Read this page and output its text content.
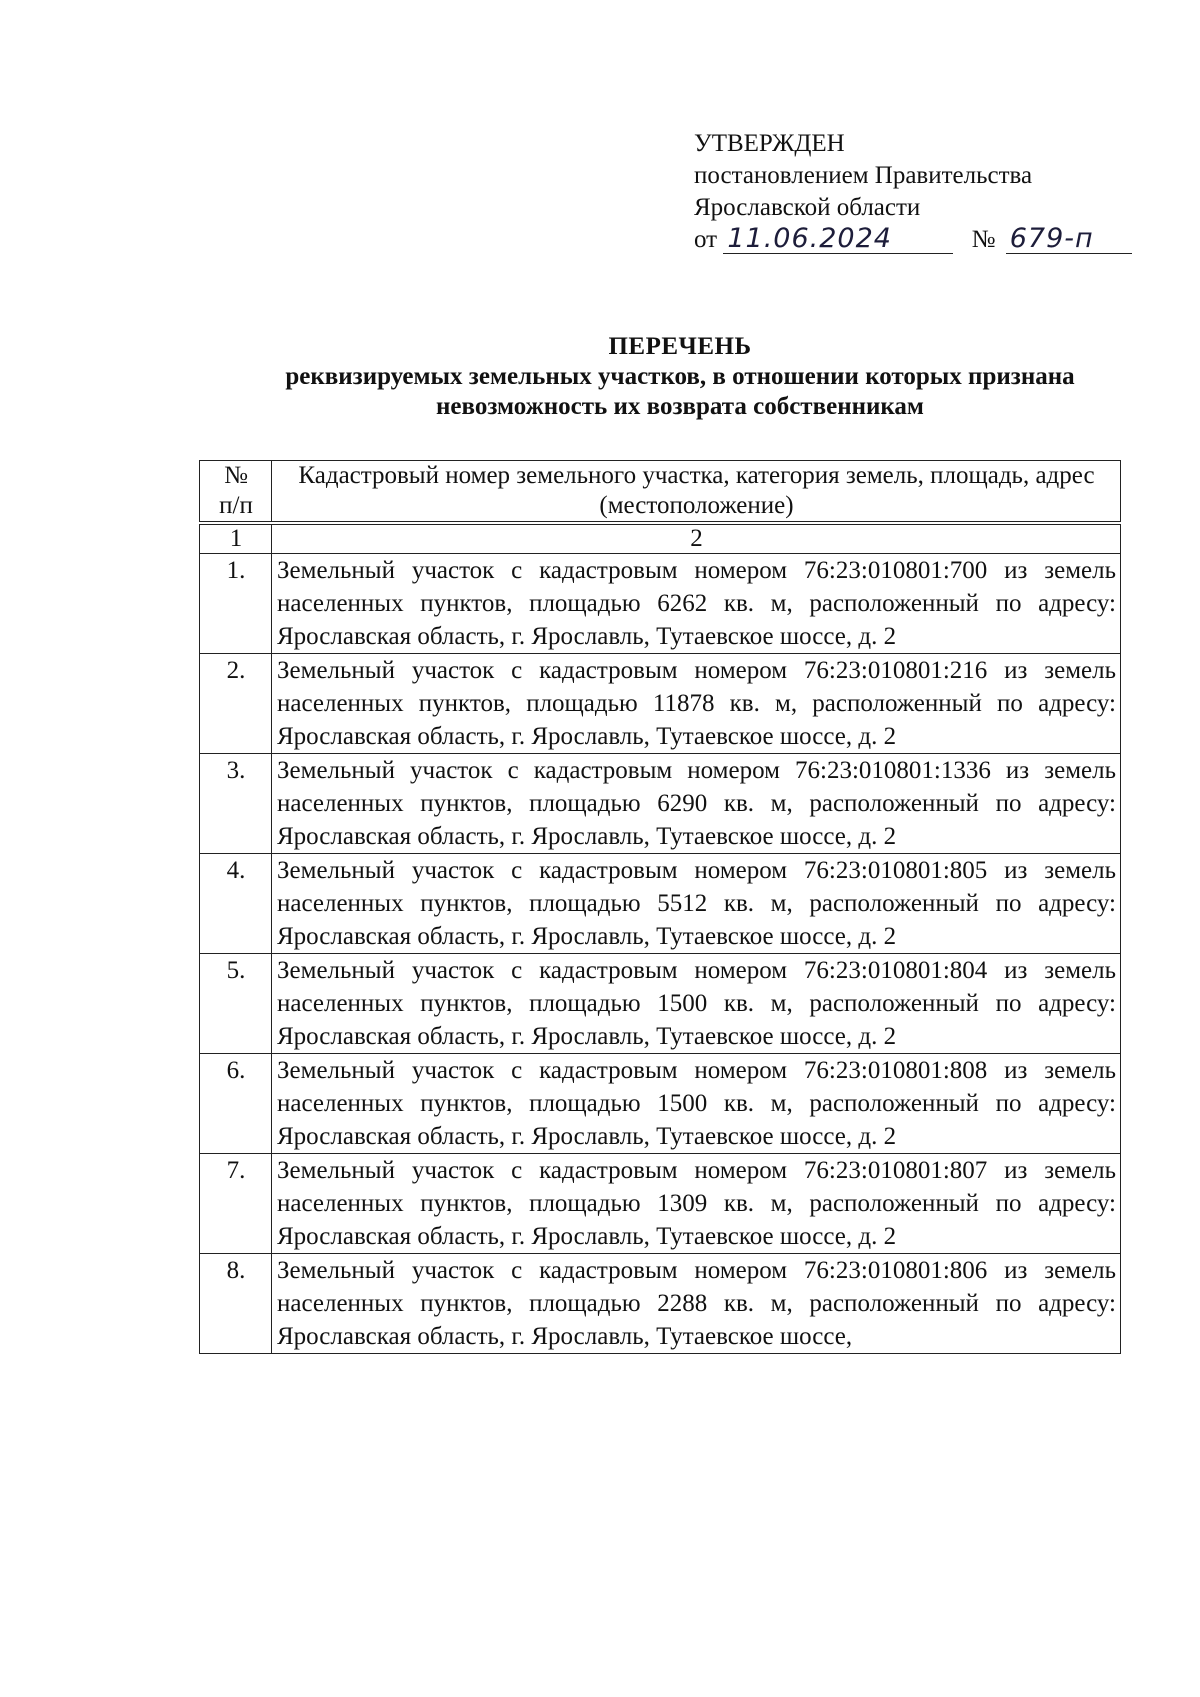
УТВЕРЖДЕН
постановлением Правительства
Ярославской области
от 11.06.2024	№ 679-п
ПЕРЕЧЕНЬ
реквизируемых земельных участков, в отношении которых признана
невозможность их возврата собственникам
№
п/п	Кадастровый номер земельного участка, категория земель, площадь, адрес (местоположение)
1	2
1.	Земельный участок с кадастровым номером 76:23:010801:700 из земель населенных пунктов, площадью 6262 кв. м, расположенный по адресу: Ярославская область, г. Ярославль, Тутаевское шоссе, д. 2
2.	Земельный участок с кадастровым номером 76:23:010801:216 из земель населенных пунктов, площадью 11878 кв. м, расположенный по адресу: Ярославская область, г. Ярославль, Тутаевское шоссе, д. 2
3.	Земельный участок с кадастровым номером 76:23:010801:1336 из земель населенных пунктов, площадью 6290 кв. м, расположенный по адресу: Ярославская область, г. Ярославль, Тутаевское шоссе, д. 2
4.	Земельный участок с кадастровым номером 76:23:010801:805 из земель населенных пунктов, площадью 5512 кв. м, расположенный по адресу: Ярославская область, г. Ярославль, Тутаевское шоссе, д. 2
5.	Земельный участок с кадастровым номером 76:23:010801:804 из земель населенных пунктов, площадью 1500 кв. м, расположенный по адресу: Ярославская область, г. Ярославль, Тутаевское шоссе, д. 2
6.	Земельный участок с кадастровым номером 76:23:010801:808 из земель населенных пунктов, площадью 1500 кв. м, расположенный по адресу: Ярославская область, г. Ярославль, Тутаевское шоссе, д. 2
7.	Земельный участок с кадастровым номером 76:23:010801:807 из земель населенных пунктов, площадью 1309 кв. м, расположенный по адресу: Ярославская область, г. Ярославль, Тутаевское шоссе, д. 2
8.	Земельный участок с кадастровым номером 76:23:010801:806 из земель населенных пунктов, площадью 2288 кв. м, расположенный по адресу: Ярославская область, г. Ярославль, Тутаевское шоссе,
